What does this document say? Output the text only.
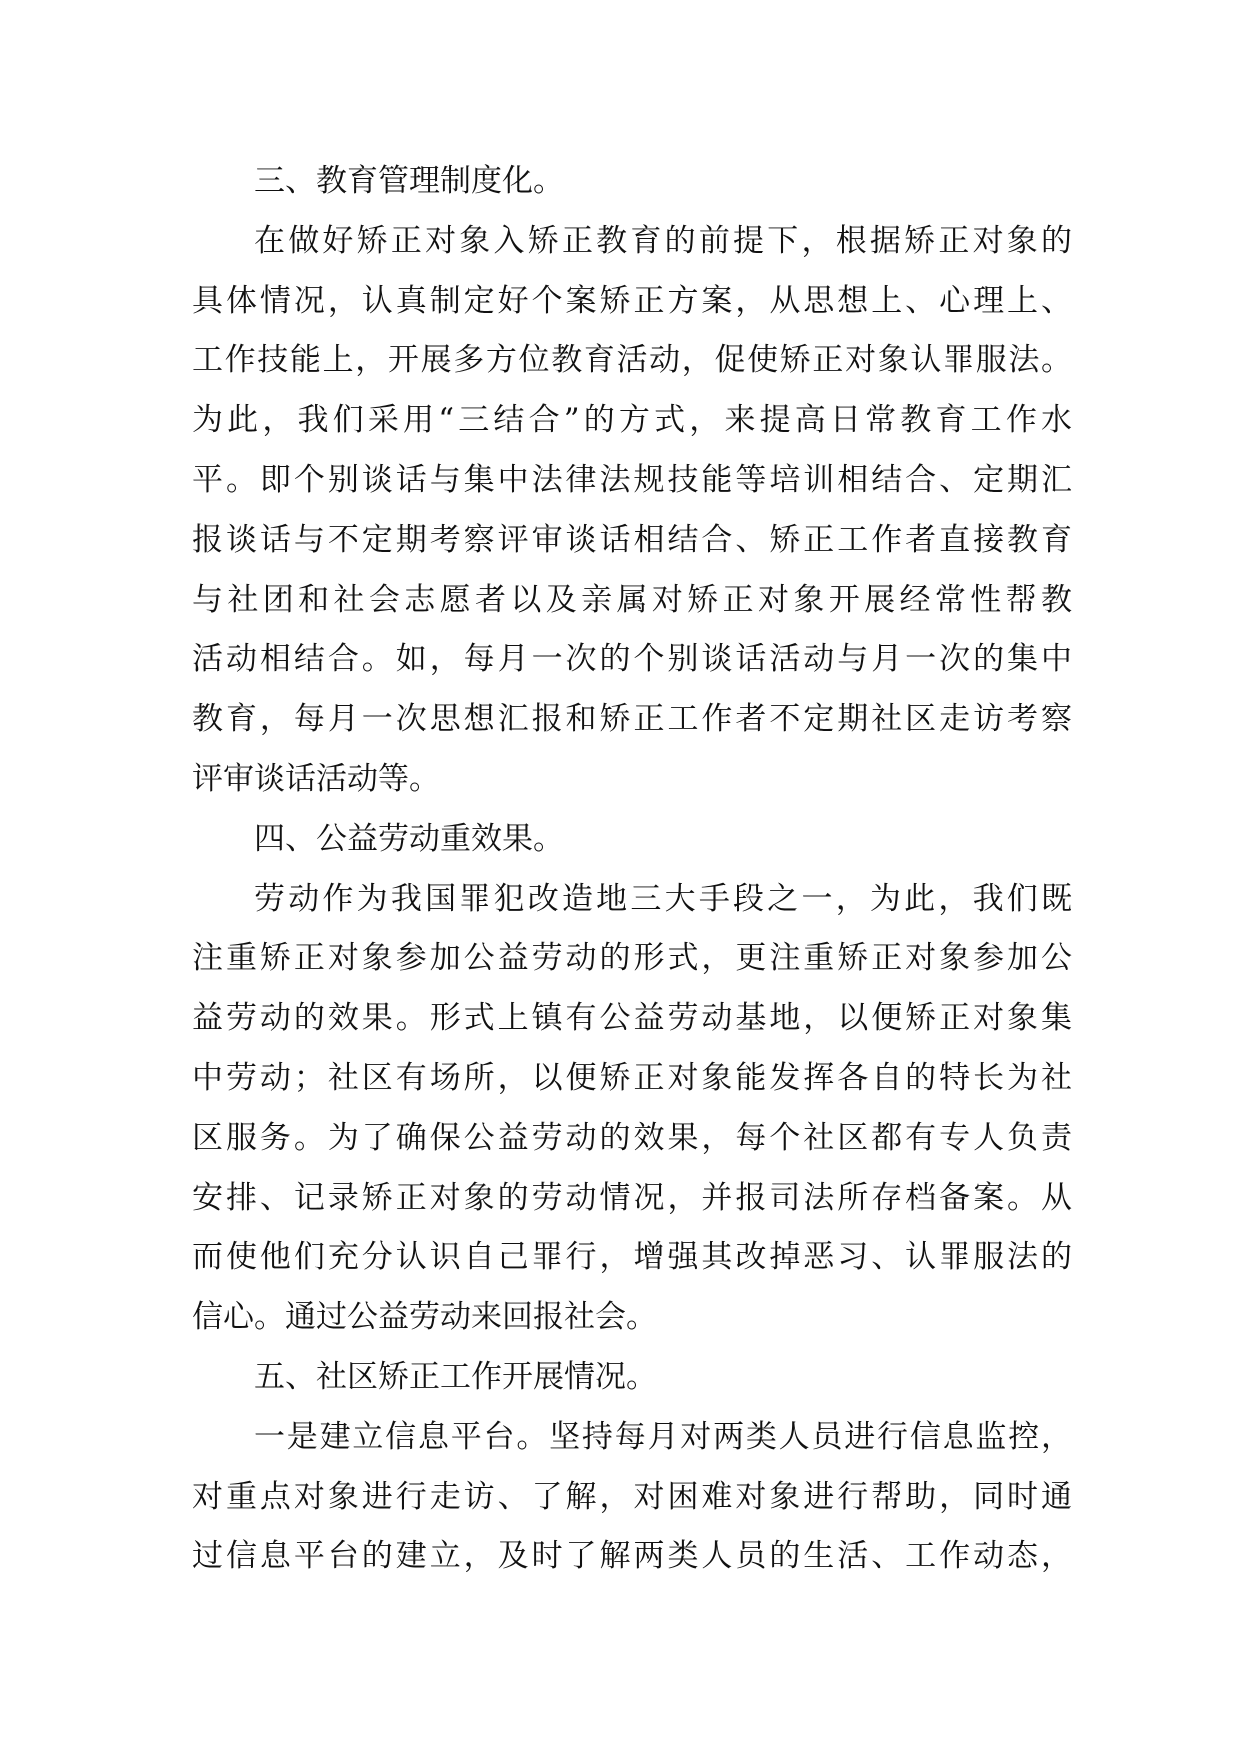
三、教育管理制度化。
在做好矫正对象入矫正教育的前提下，根据矫正对象的
具体情况，认真制定好个案矫正方案，从思想上、心理上、
工作技能上，开展多方位教育活动，促使矫正对象认罪服法。
为此，我们采用“三结合”的方式，来提高日常教育工作水
平。即个别谈话与集中法律法规技能等培训相结合、定期汇
报谈话与不定期考察评审谈话相结合、矫正工作者直接教育
与社团和社会志愿者以及亲属对矫正对象开展经常性帮教
活动相结合。如，每月一次的个别谈话活动与月一次的集中
教育，每月一次思想汇报和矫正工作者不定期社区走访考察
评审谈话活动等。
四、公益劳动重效果。
劳动作为我国罪犯改造地三大手段之一，为此，我们既
注重矫正对象参加公益劳动的形式，更注重矫正对象参加公
益劳动的效果。形式上镇有公益劳动基地，以便矫正对象集
中劳动；社区有场所，以便矫正对象能发挥各自的特长为社
区服务。为了确保公益劳动的效果，每个社区都有专人负责
安排、记录矫正对象的劳动情况，并报司法所存档备案。从
而使他们充分认识自己罪行，增强其改掉恶习、认罪服法的
信心。通过公益劳动来回报社会。
五、社区矫正工作开展情况。
一是建立信息平台。坚持每月对两类人员进行信息监控，
对重点对象进行走访、了解，对困难对象进行帮助，同时通
过信息平台的建立，及时了解两类人员的生活、工作动态，
